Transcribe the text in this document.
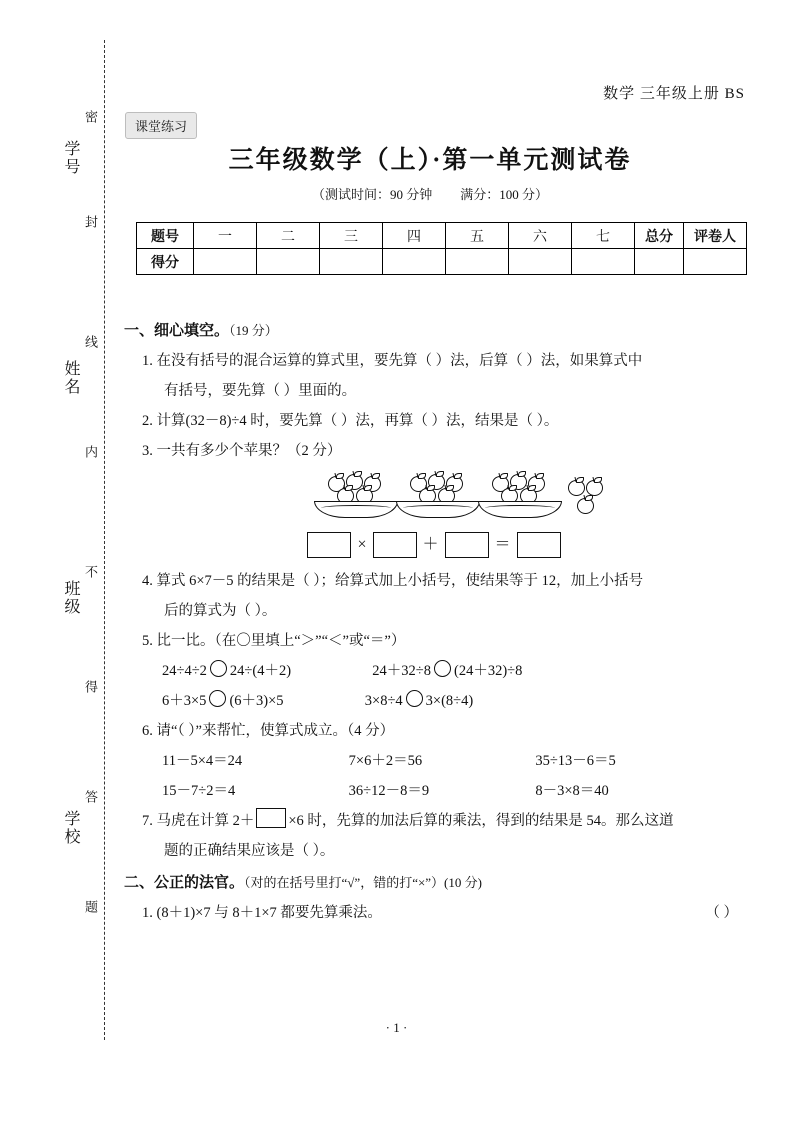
学号
姓名
班级
学校
密
封
线
内
不
得
答
题
数学 三年级上册 BS
课堂练习
三年级数学（上）·第一单元测试卷
（测试时间：90 分钟 满分：100 分）
题号	一	二	三	四	五	六	七	总分	评卷人
得分									
一、细心填空。（19 分）
1. 在没有括号的混合运算的算式里，要先算（ ）法，后算（ ）法，如果算式中
有括号，要先算（ ）里面的。
2. 计算(32－8)÷4 时，要先算（ ）法，再算（ ）法，结果是（ ）。
3. 一共有多少个苹果？（2 分）
×	＋	＝
4. 算式 6×7－5 的结果是（ ）；给算式加上小括号，使结果等于 12，加上小括号
后的算式为（ ）。
5. 比一比。（在〇里填上“＞”“＜”或“＝”）
24÷4÷2 24÷(4＋2)	24＋32÷8 (24＋32)÷8
6＋3×5 (6＋3)×5	3×8÷4 3×(8÷4)
6. 请“（ ）”来帮忙，使算式成立。（4 分）
11－5×4＝24	7×6＋2＝56	35÷13－6＝5
15－7÷2＝4	36÷12－8＝9	8－3×8＝40
7. 马虎在计算 2＋ ×6 时，先算的加法后算的乘法，得到的结果是 54。那么这道
题的正确结果应该是（ ）。
二、公正的法官。（对的在括号里打“√”，错的打“×”）(10 分)
1. (8＋1)×7 与 8＋1×7 都要先算乘法。	（ ）
· 1 ·
